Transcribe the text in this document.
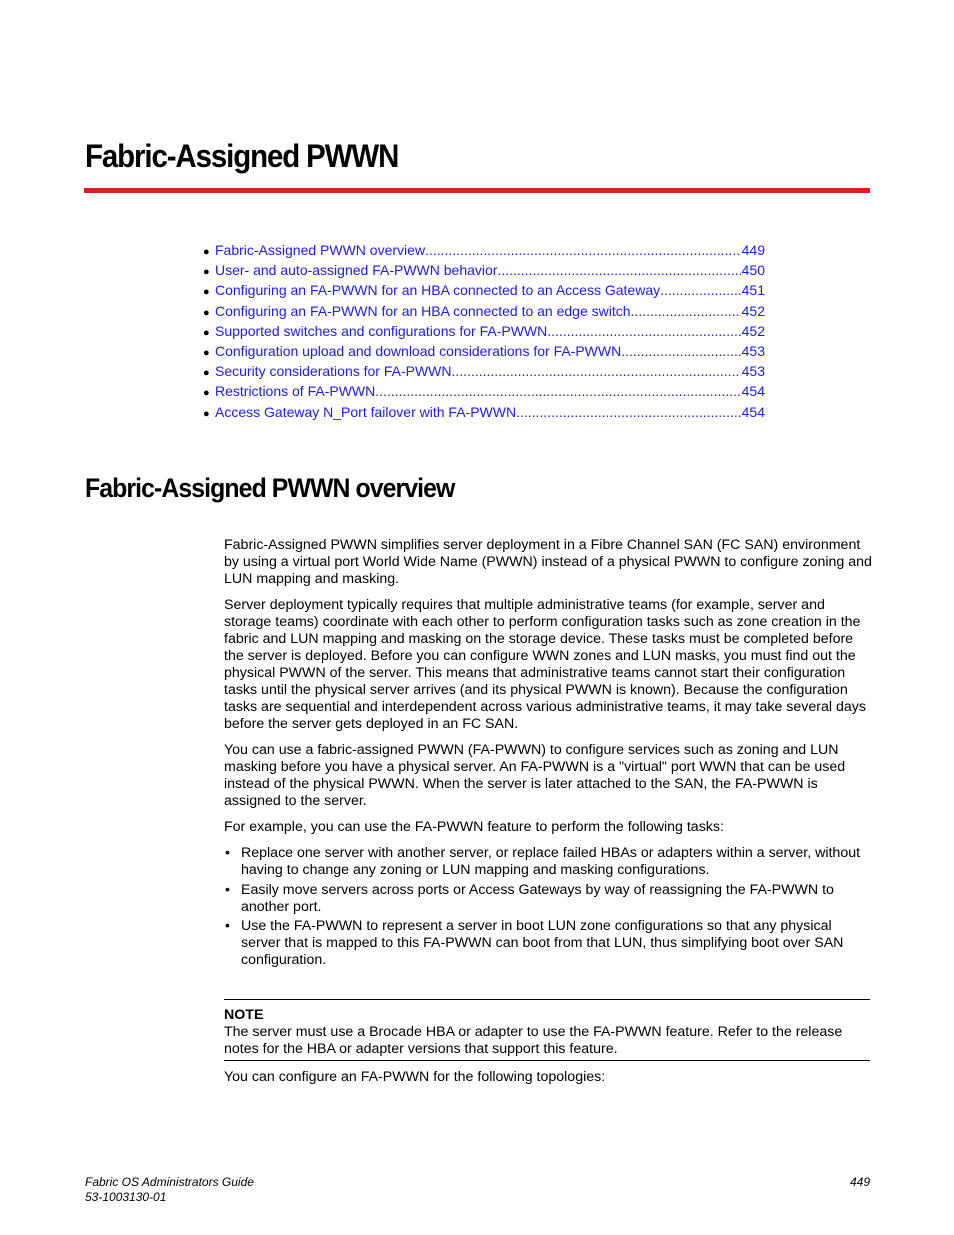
Fabric-Assigned PWWN
● Fabric-Assigned PWWN overview .....	449
● User- and auto-assigned FA-PWWN behavior .....	450
● Configuring an FA-PWWN for an HBA connected to an Access Gateway .....	451
● Configuring an FA-PWWN for an HBA connected to an edge switch .....	452
● Supported switches and configurations for FA-PWWN .....	452
● Configuration upload and download considerations for FA-PWWN .....	453
● Security considerations for FA-PWWN .....	453
● Restrictions of FA-PWWN .....	454
● Access Gateway N_Port failover with FA-PWWN .....	454
Fabric-Assigned PWWN overview

Fabric-Assigned PWWN simplifies server deployment in a Fibre Channel SAN (FC SAN) environment by using a virtual port World Wide Name (PWWN) instead of a physical PWWN to configure zoning and LUN mapping and masking.

Server deployment typically requires that multiple administrative teams (for example, server and storage teams) coordinate with each other to perform configuration tasks such as zone creation in the fabric and LUN mapping and masking on the storage device. These tasks must be completed before the server is deployed. Before you can configure WWN zones and LUN masks, you must find out the physical PWWN of the server. This means that administrative teams cannot start their configuration tasks until the physical server arrives (and its physical PWWN is known). Because the configuration tasks are sequential and interdependent across various administrative teams, it may take several days before the server gets deployed in an FC SAN.

You can use a fabric-assigned PWWN (FA-PWWN) to configure services such as zoning and LUN masking before you have a physical server. An FA-PWWN is a "virtual" port WWN that can be used instead of the physical PWWN. When the server is later attached to the SAN, the FA-PWWN is assigned to the server.

For example, you can use the FA-PWWN feature to perform the following tasks:

• Replace one server with another server, or replace failed HBAs or adapters within a server, without having to change any zoning or LUN mapping and masking configurations.
• Easily move servers across ports or Access Gateways by way of reassigning the FA-PWWN to another port.
• Use the FA-PWWN to represent a server in boot LUN zone configurations so that any physical server that is mapped to this FA-PWWN can boot from that LUN, thus simplifying boot over SAN configuration.
NOTE
The server must use a Brocade HBA or adapter to use the FA-PWWN feature. Refer to the release notes for the HBA or adapter versions that support this feature.
You can configure an FA-PWWN for the following topologies:
Fabric OS Administrators Guide
53-1003130-01
449
